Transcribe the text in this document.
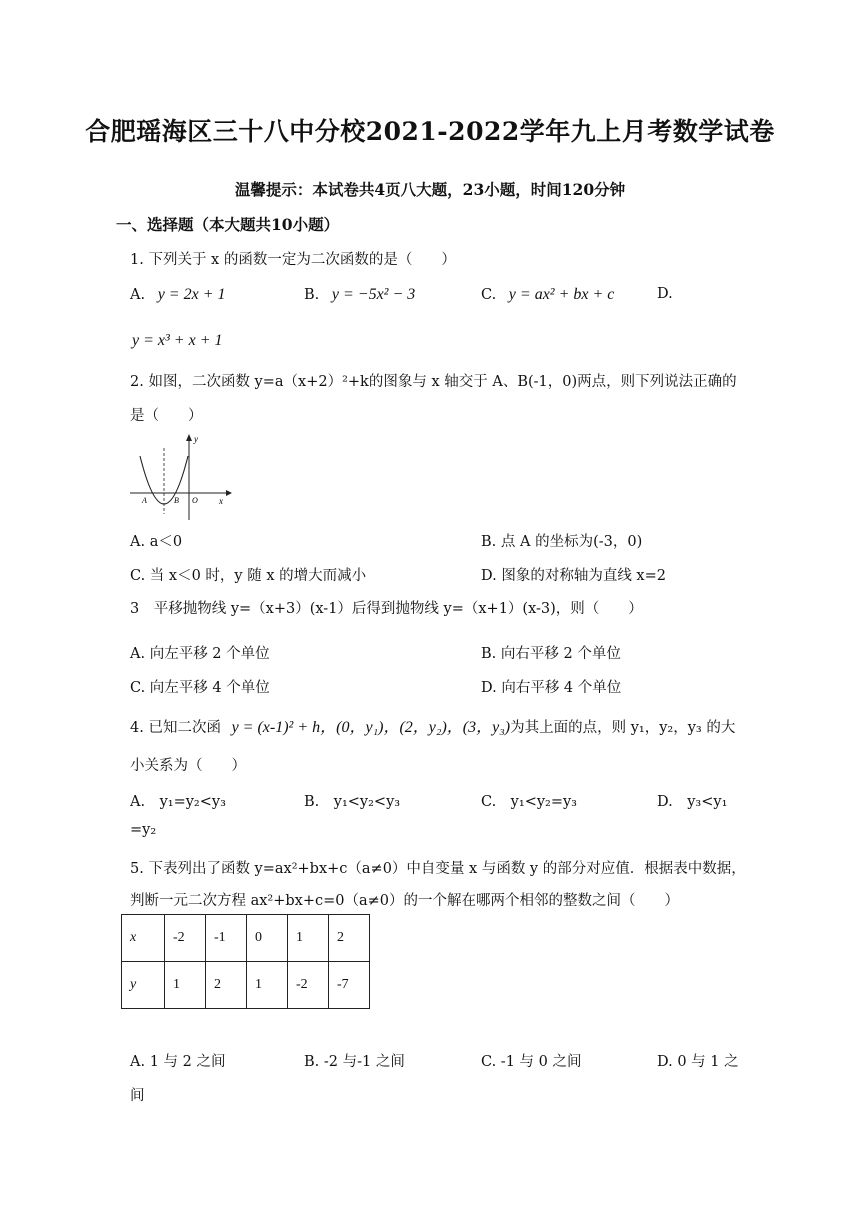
合肥瑶海区三十八中分校2021-2022学年九上月考数学试卷
温馨提示：本试卷共4页八大题，23小题，时间120分钟
一、选择题（本大题共10小题）
1. 下列关于 x 的函数一定为二次函数的是（　　）
A. y = 2x + 1	B. y = −5x² − 3	C. y = ax² + bx + c	D.
y = x³ + x + 1
2. 如图，二次函数 y=a（x+2）²+k的图象与 x 轴交于 A、B(-1，0)两点，则下列说法正确的
是（　　）
y
x
A	B O
A. a＜0	B. 点 A 的坐标为(-3，0)
C. 当 x＜0 时，y 随 x 的增大而减小	D. 图象的对称轴为直线 x=2
3　平移抛物线 y=（x+3）(x-1）后得到抛物线 y=（x+1）(x-3)，则（　　）
A. 向左平移 2 个单位	B. 向右平移 2 个单位
C. 向左平移 4 个单位	D. 向右平移 4 个单位
4. 已知二次函 y = (x-1)² + h，(0，y₁)，(2，y₂)，(3，y₃)为其上面的点，则 y₁，y₂，y₃ 的大
小关系为（　　）
A.　y₁=y₂<y₃	B.　y₁<y₂<y₃	C.　y₁<y₂=y₃	D.　y₃<y₁
=y₂
5. 下表列出了函数 y=ax²+bx+c（a≠0）中自变量 x 与函数 y 的部分对应值．根据表中数据，
判断一元二次方程 ax²+bx+c=0（a≠0）的一个解在哪两个相邻的整数之间（　　）
x	-2	-1	0	1	2
y	1	2	1	-2	-7
A. 1 与 2 之间	B. -2 与-1 之间	C. -1 与 0 之间	D. 0 与 1 之
间
